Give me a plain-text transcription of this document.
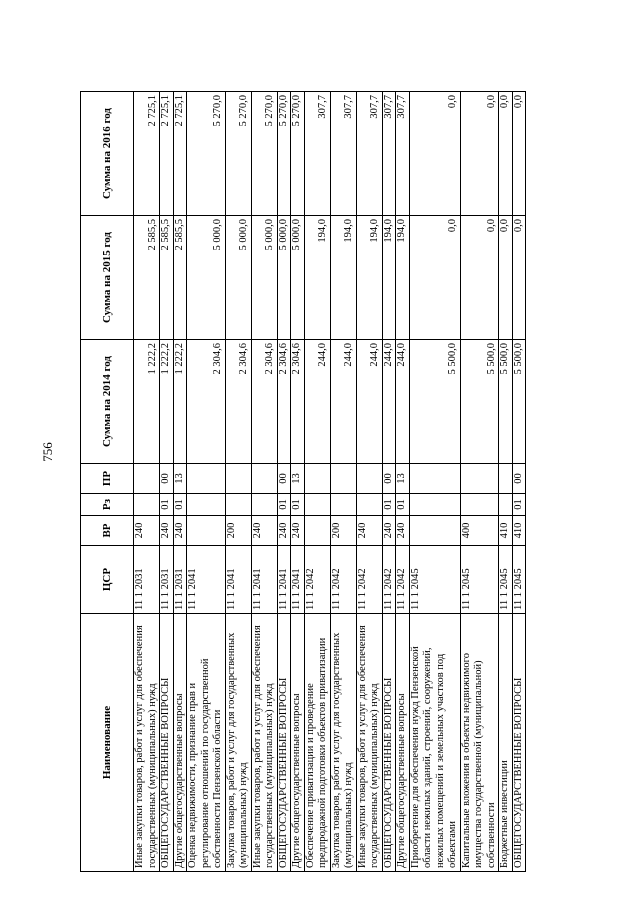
756
Наименование	ЦСР	ВР	Рз	ПР	Сумма на 2014 год	Сумма на 2015 год	Сумма на 2016 год
Иные закупки товаров, работ и услуг для обеспечения государственных (муниципальных) нужд	11 1 2031	240			1 222,2	2 585,5	2 725,1
ОБЩЕГОСУДАРСТВЕННЫЕ ВОПРОСЫ	11 1 2031	240	01	00	1 222,2	2 585,5	2 725,1
Другие общегосударственные вопросы	11 1 2031	240	01	13	1 222,2	2 585,5	2 725,1
Оценка недвижимости, признание прав и регулирование отношений по государственной собственности Пензенской области	11 1 2041				2 304,6	5 000,0	5 270,0
Закупка товаров, работ и услуг для государственных (муниципальных) нужд	11 1 2041	200			2 304,6	5 000,0	5 270,0
Иные закупки товаров, работ и услуг для обеспечения государственных (муниципальных) нужд	11 1 2041	240			2 304,6	5 000,0	5 270,0
ОБЩЕГОСУДАРСТВЕННЫЕ ВОПРОСЫ	11 1 2041	240	01	00	2 304,6	5 000,0	5 270,0
Другие общегосударственные вопросы	11 1 2041	240	01	13	2 304,6	5 000,0	5 270,0
Обеспечение приватизации и проведение предпродажной подготовки объектов приватизации	11 1 2042				244,0	194,0	307,7
Закупка товаров, работ и услуг для государственных (муниципальных) нужд	11 1 2042	200			244,0	194,0	307,7
Иные закупки товаров, работ и услуг для обеспечения государственных (муниципальных) нужд	11 1 2042	240			244,0	194,0	307,7
ОБЩЕГОСУДАРСТВЕННЫЕ ВОПРОСЫ	11 1 2042	240	01	00	244,0	194,0	307,7
Другие общегосударственные вопросы	11 1 2042	240	01	13	244,0	194,0	307,7
Приобретение для обеспечения нужд Пензенской области нежилых зданий, строений, сооружений, нежилых помещений и земельных участков под объектами	11 1 2045				5 500,0	0,0	0,0
Капитальные вложения в объекты недвижимого имущества государственной (муниципальной) собственности	11 1 2045	400			5 500,0	0,0	0,0
Бюджетные инвестиции	11 1 2045	410			5 500,0	0,0	0,0
ОБЩЕГОСУДАРСТВЕННЫЕ ВОПРОСЫ	11 1 2045	410	01	00	5 500,0	0,0	0,0
